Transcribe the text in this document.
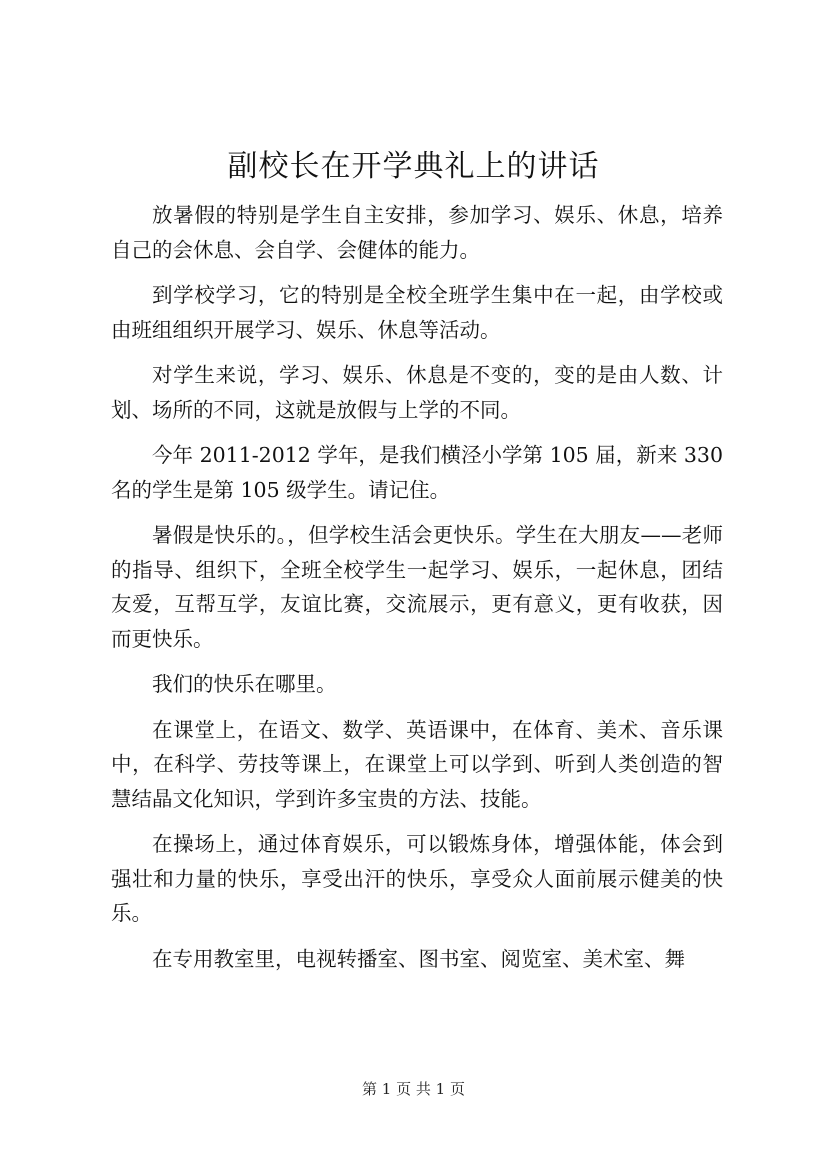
副校长在开学典礼上的讲话

放暑假的特别是学生自主安排，参加学习、娱乐、休息，培养自己的会休息、会自学、会健体的能力。

到学校学习，它的特别是全校全班学生集中在一起，由学校或由班组组织开展学习、娱乐、休息等活动。

对学生来说，学习、娱乐、休息是不变的，变的是由人数、计划、场所的不同，这就是放假与上学的不同。

今年 2011-2012 学年，是我们横泾小学第 105 届，新来 330 名的学生是第 105 级学生。请记住。

暑假是快乐的。，但学校生活会更快乐。学生在大朋友——老师的指导、组织下，全班全校学生一起学习、娱乐，一起休息，团结友爱，互帮互学，友谊比赛，交流展示，更有意义，更有收获，因而更快乐。

我们的快乐在哪里。

在课堂上，在语文、数学、英语课中，在体育、美术、音乐课中，在科学、劳技等课上，在课堂上可以学到、听到人类创造的智慧结晶文化知识，学到许多宝贵的方法、技能。

在操场上，通过体育娱乐，可以锻炼身体，增强体能，体会到强壮和力量的快乐，享受出汗的快乐，享受众人面前展示健美的快乐。

在专用教室里，电视转播室、图书室、阅览室、美术室、舞

第 1 页 共 1 页
